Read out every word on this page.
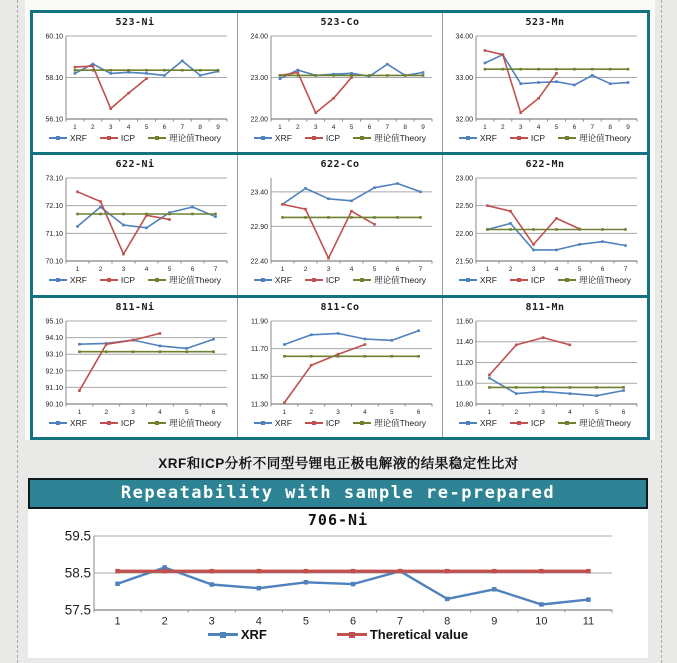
523-Ni
60.10
58.10
56.10
1 2 3 4 5 6 7 8 9
XRF	ICP	理论值Theory
523-Co
24.00
23.00
22.00
1 2 3 4 5 6 7 8 9
XRF	ICP	理论值Theory
523-Mn
34.00
33.00
32.00
1 2 3 4 5 6 7 8 9
XRF	ICP	理论值Theory
622-Ni
73.10
72.10
71.10
70.10
1	2	3	4	5	6	7
XRF	ICP	理论值Theory
622-Co
23.40
22.90
22.40
1	2	3	4	5	6	7
XRF	ICP	理论值Theory
622-Mn
23.00
22.50
22.00
21.50
1	2	3	4	5	6	7
XRF	ICP	理论值Theory
811-Ni
95.10
94.10
93.10
92.10
91.10
90.10
1	2	3	4	5	6
XRF	ICP	理论值Theory
811-Co
11.90
11.70
11.50
11.30
1	2	3	4	5	6
XRF	ICP	理论值Theory
811-Mn
11.60
11.40
11.20
11.00
10.80
1	2	3	4	5	6
XRF	ICP	理论值Theory
XRF和ICP分析不同型号锂电正极电解液的结果稳定性比对
Repeatability with sample re-prepared
706-Ni
59.5
58.5
57.5
1	2	3	4	5	6	7	8	9	10	11
XRF	Theretical value
